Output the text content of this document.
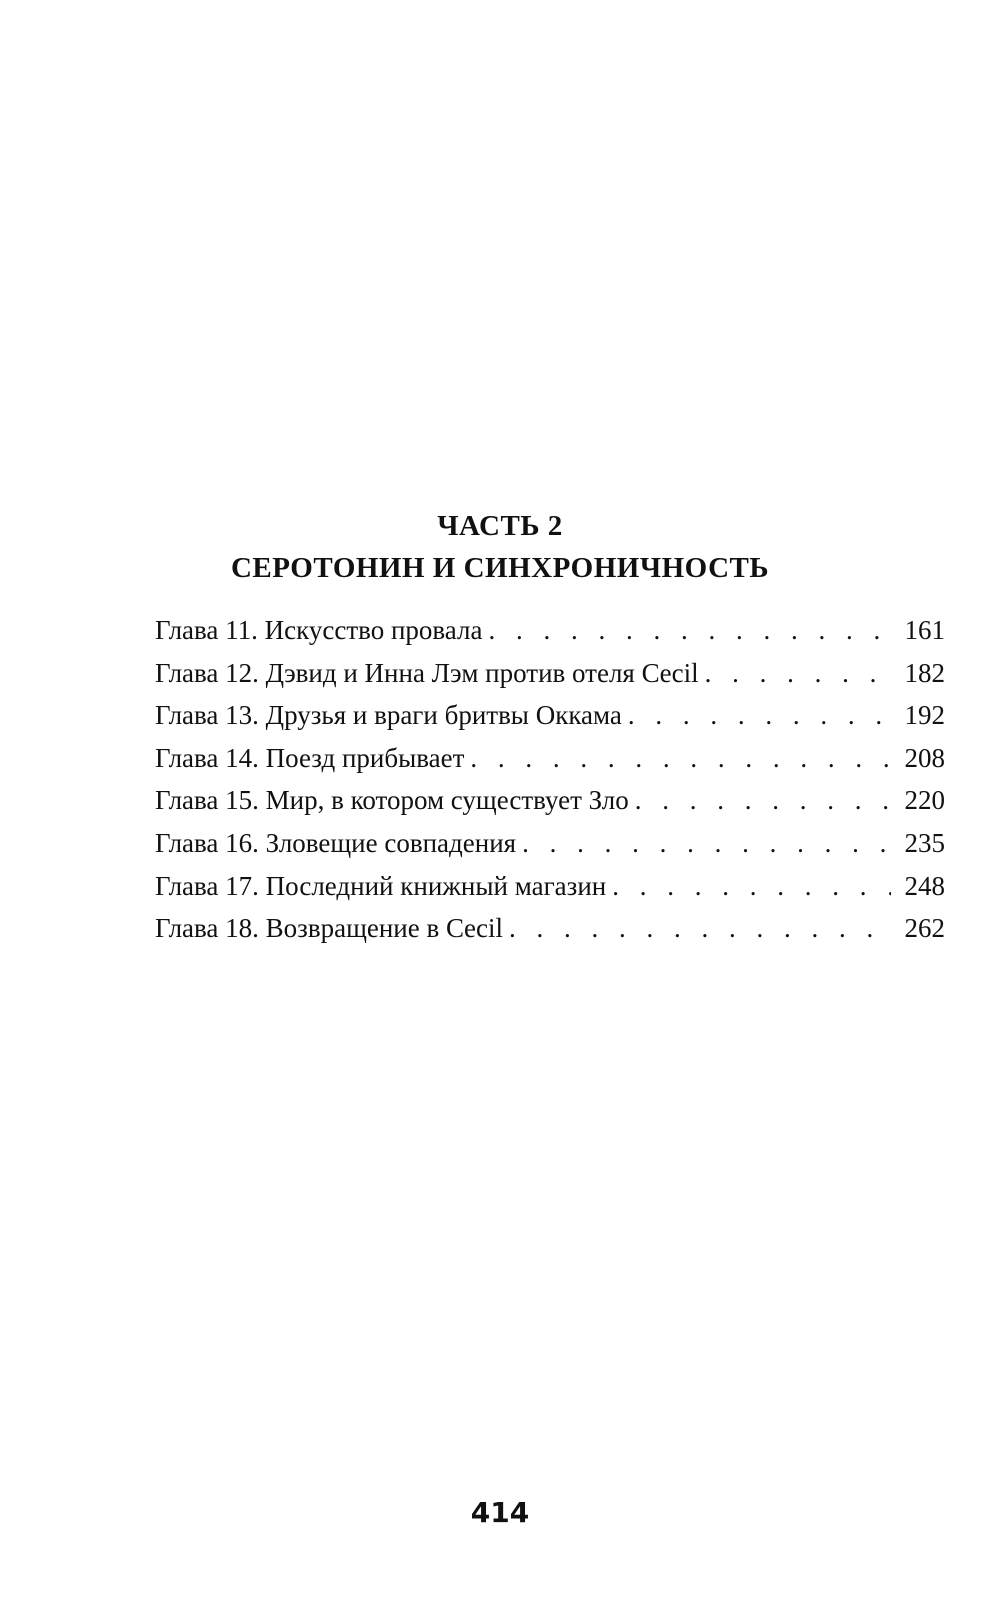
ЧАСТЬ 2
СЕРОТОНИН И СИНХРОНИЧНОСТЬ
Глава 11. Искусство провала . . .	161
Глава 12. Дэвид и Инна Лэм против отеля Cecil . . .	182
Глава 13. Друзья и враги бритвы Оккама . . .	192
Глава 14. Поезд прибывает . . .	208
Глава 15. Мир, в котором существует Зло . . .	220
Глава 16. Зловещие совпадения . . .	235
Глава 17. Последний книжный магазин . . .	248
Глава 18. Возвращение в Cecil . . .	262
414
